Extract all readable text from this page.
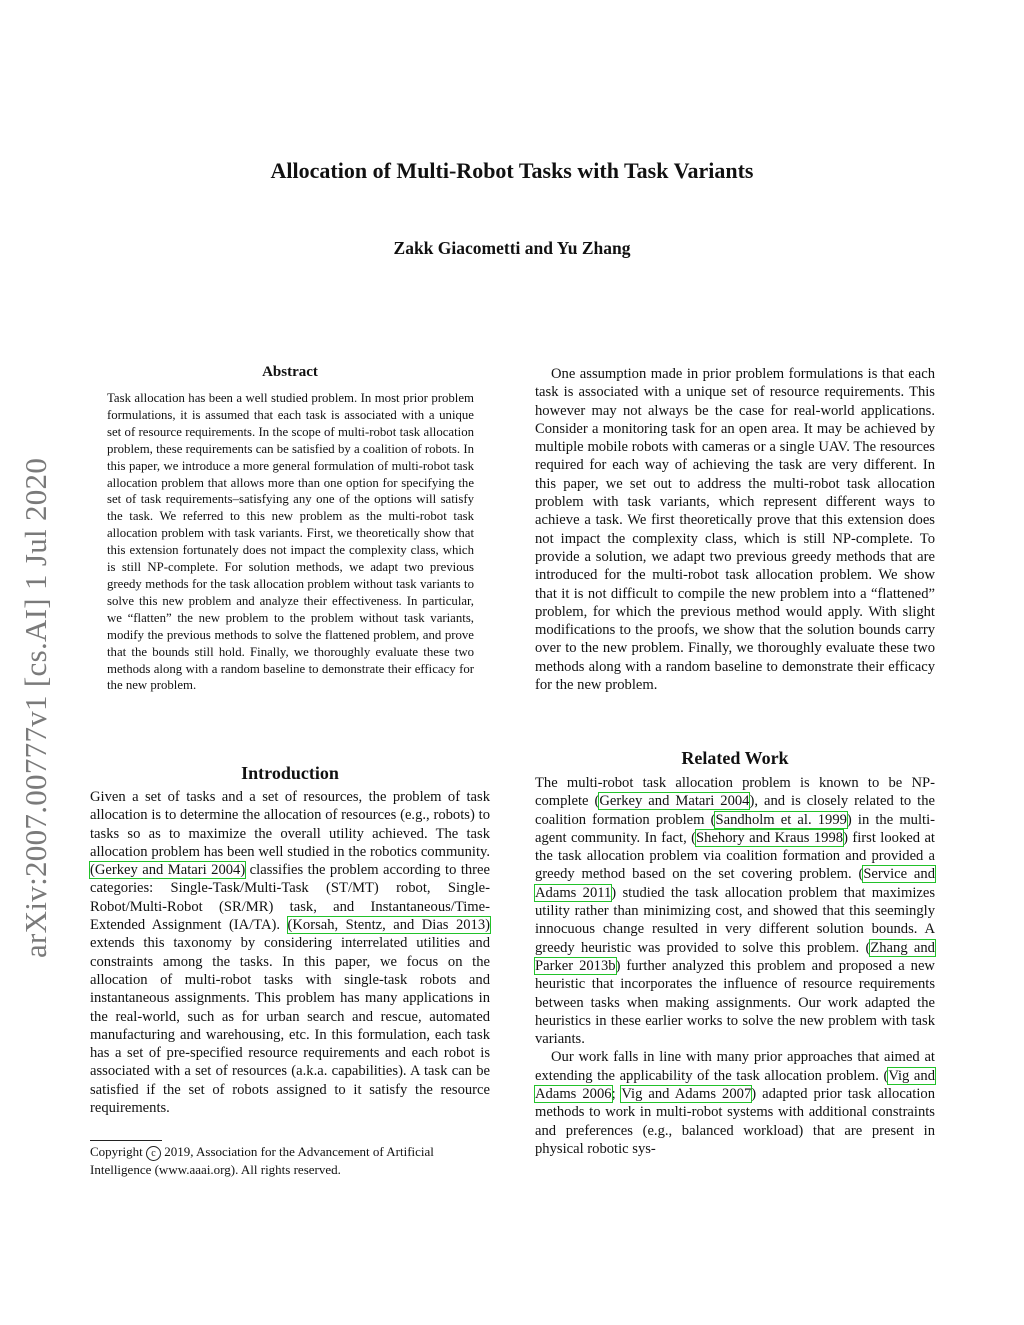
arXiv:2007.00777v1 [cs.AI] 1 Jul 2020
Allocation of Multi-Robot Tasks with Task Variants
Zakk Giacometti and Yu Zhang
Abstract
Task allocation has been a well studied problem. In most prior problem formulations, it is assumed that each task is associated with a unique set of resource requirements. In the scope of multi-robot task allocation problem, these requirements can be satisfied by a coalition of robots. In this paper, we introduce a more general formulation of multi-robot task allocation problem that allows more than one option for specifying the set of task requirements–satisfying any one of the options will satisfy the task. We referred to this new problem as the multi-robot task allocation problem with task variants. First, we theoretically show that this extension fortunately does not impact the complexity class, which is still NP-complete. For solution methods, we adapt two previous greedy methods for the task allocation problem without task variants to solve this new problem and analyze their effectiveness. In particular, we “flatten” the new problem to the problem without task variants, modify the previous methods to solve the flattened problem, and prove that the bounds still hold. Finally, we thoroughly evaluate these two methods along with a random baseline to demonstrate their efficacy for the new problem.
Introduction
Given a set of tasks and a set of resources, the problem of task allocation is to determine the allocation of resources (e.g., robots) to tasks so as to maximize the overall utility achieved. The task allocation problem has been well studied in the robotics community. (Gerkey and Matari 2004) classifies the problem according to three categories: Single-Task/Multi-Task (ST/MT) robot, Single-Robot/Multi-Robot (SR/MR) task, and Instantaneous/Time-Extended Assignment (IA/TA). (Korsah, Stentz, and Dias 2013) extends this taxonomy by considering interrelated utilities and constraints among the tasks. In this paper, we focus on the allocation of multi-robot tasks with single-task robots and instantaneous assignments. This problem has many applications in the real-world, such as for urban search and rescue, automated manufacturing and warehousing, etc. In this formulation, each task has a set of pre-specified resource requirements and each robot is associated with a set of resources (a.k.a. capabilities). A task can be satisfied if the set of robots assigned to it satisfy the resource requirements.
Copyright c 2019, Association for the Advancement of Artificial Intelligence (www.aaai.org). All rights reserved.
One assumption made in prior problem formulations is that each task is associated with a unique set of resource requirements. This however may not always be the case for real-world applications. Consider a monitoring task for an open area. It may be achieved by multiple mobile robots with cameras or a single UAV. The resources required for each way of achieving the task are very different. In this paper, we set out to address the multi-robot task allocation problem with task variants, which represent different ways to achieve a task. We first theoretically prove that this extension does not impact the complexity class, which is still NP-complete. To provide a solution, we adapt two previous greedy methods that are introduced for the multi-robot task allocation problem. We show that it is not difficult to compile the new problem into a “flattened” problem, for which the previous method would apply. With slight modifications to the proofs, we show that the solution bounds carry over to the new problem. Finally, we thoroughly evaluate these two methods along with a random baseline to demonstrate their efficacy for the new problem.
Related Work

The multi-robot task allocation problem is known to be NP-complete (Gerkey and Matari 2004), and is closely related to the coalition formation problem (Sandholm et al. 1999) in the multi-agent community. In fact, (Shehory and Kraus 1998) first looked at the task allocation problem via coalition formation and provided a greedy method based on the set covering problem. (Service and Adams 2011) studied the task allocation problem that maximizes utility rather than minimizing cost, and showed that this seemingly innocuous change resulted in very different solution bounds. A greedy heuristic was provided to solve this problem. (Zhang and Parker 2013b) further analyzed this problem and proposed a new heuristic that incorporates the influence of resource requirements between tasks when making assignments. Our work adapted the heuristics in these earlier works to solve the new problem with task variants.

Our work falls in line with many prior approaches that aimed at extending the applicability of the task allocation problem. (Vig and Adams 2006; Vig and Adams 2007) adapted prior task allocation methods to work in multi-robot systems with additional constraints and preferences (e.g., balanced workload) that are present in physical robotic sys-
